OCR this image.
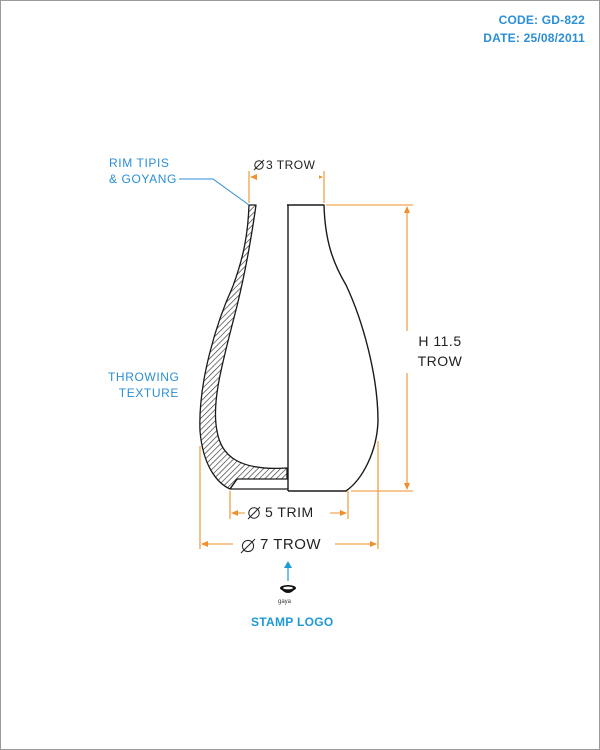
CODE: GD-822
DATE: 25/08/2011
RIM TIPIS
& GOYANG
THROWING
TEXTURE
3 TROW
H 11.5
TROW
5 TRIM
7 TROW
gaya
STAMP LOGO
